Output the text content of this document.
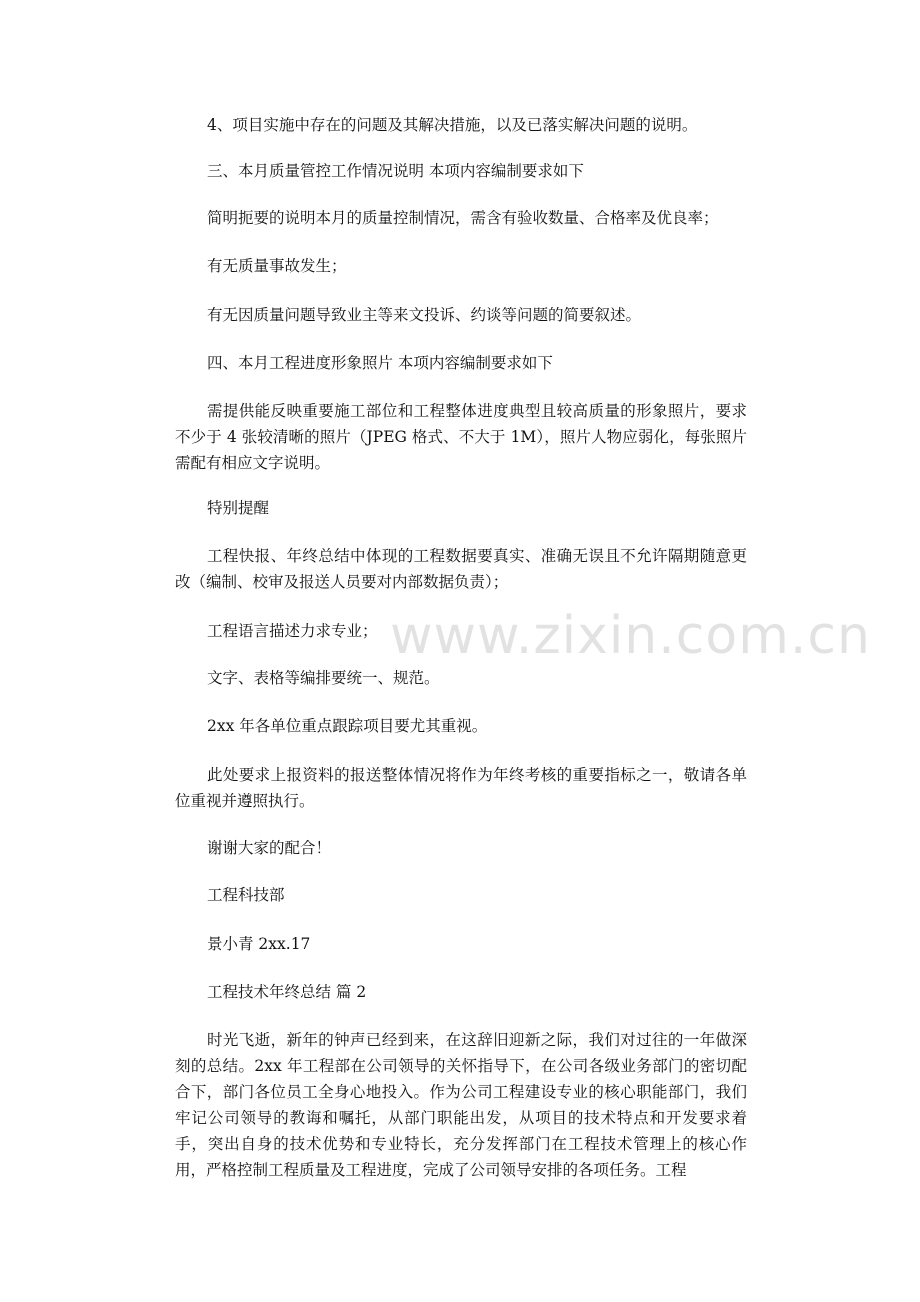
4、项目实施中存在的问题及其解决措施，以及已落实解决问题的说明。
三、本月质量管控工作情况说明 本项内容编制要求如下
简明扼要的说明本月的质量控制情况，需含有验收数量、合格率及优良率；
有无质量事故发生；
有无因质量问题导致业主等来文投诉、约谈等问题的简要叙述。
四、本月工程进度形象照片 本项内容编制要求如下
需提供能反映重要施工部位和工程整体进度典型且较高质量的形象照片，要求不少于 4 张较清晰的照片（JPEG 格式、不大于 1M），照片人物应弱化，每张照片需配有相应文字说明。
特别提醒
工程快报、年终总结中体现的工程数据要真实、准确无误且不允许隔期随意更改（编制、校审及报送人员要对内部数据负责）；
工程语言描述力求专业；
文字、表格等编排要统一、规范。
2xx 年各单位重点跟踪项目要尤其重视。
此处要求上报资料的报送整体情况将作为年终考核的重要指标之一，敬请各单位重视并遵照执行。
谢谢大家的配合！
工程科技部
景小青 2xx.17
工程技术年终总结 篇 2
时光飞逝，新年的钟声已经到来，在这辞旧迎新之际，我们对过往的一年做深刻的总结。2xx 年工程部在公司领导的关怀指导下，在公司各级业务部门的密切配合下，部门各位员工全身心地投入。作为公司工程建设专业的核心职能部门，我们牢记公司领导的教诲和嘱托，从部门职能出发，从项目的技术特点和开发要求着手，突出自身的技术优势和专业特长，充分发挥部门在工程技术管理上的核心作用，严格控制工程质量及工程进度，完成了公司领导安排的各项任务。工程
www.zixin.com.cn
